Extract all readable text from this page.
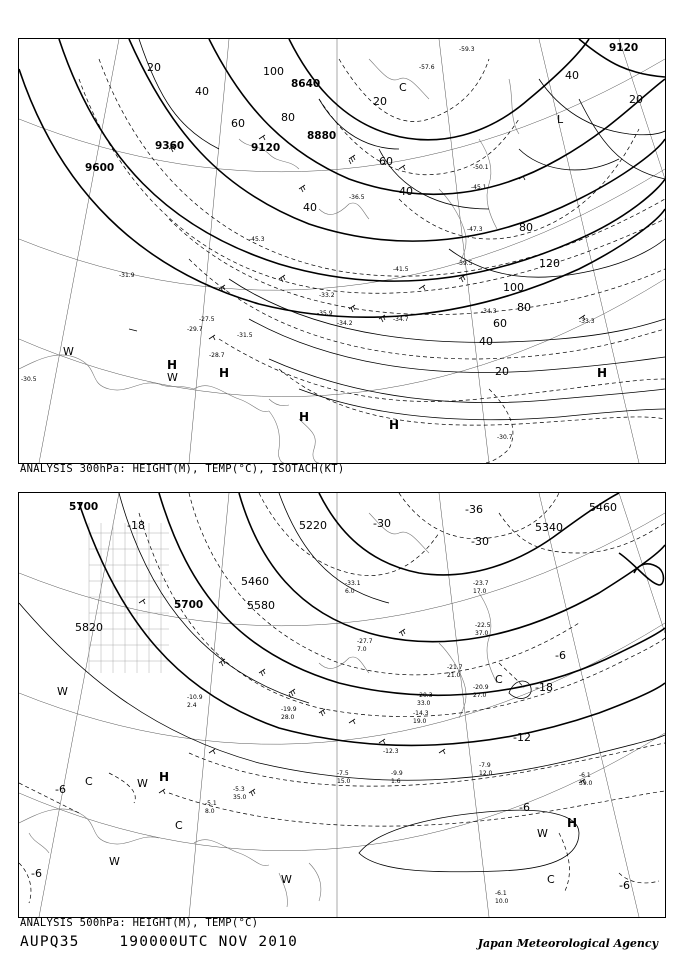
9600
9360	9120
8880
8640
9120
20
40
60	80
100
120
20
40
60
80
100
40
20
40
60
80
40
20
H
H
H
H
H
W
W
C
L
-30.5
-29.7
-31.9
-31.5
-33.2
-35.9
-34.7
-34.2
-34.3
-33.3
-36.5
-45.3
-41.5
-45.1
-50.1
-47.3
-39.5
-30.7
-28.7
-27.5
-57.6
-59.3
ANALYSIS 300hPa: HEIGHT(M), TEMP(°C), ISOTACH(KT)
5700
5700
5820
5580
5460
5340
5220
5460
-18	-30
-36
-30
-6
-12
-18
-6
-6
-6
-6
H
H
C
C
C
C
W
W
W
W
W
-5.1
8.0
-5.3
35.0
-7.5
15.0
-7.9
12.0
-9.9
1.6
-12.3
-20.3
33.0
-21.7
21.0
-23.7
17.0
-22.5
37.0
-20.9
27.0
-6.1
10.0
-6.1
39.0
-10.9
2.4
-19.9
28.0
-14.3
19.0
-27.7
7.0
-33.1
6.0
ANALYSIS 500hPa: HEIGHT(M), TEMP(°C)
AUPQ35	190000UTC NOV 2010	Japan Meteorological Agency
